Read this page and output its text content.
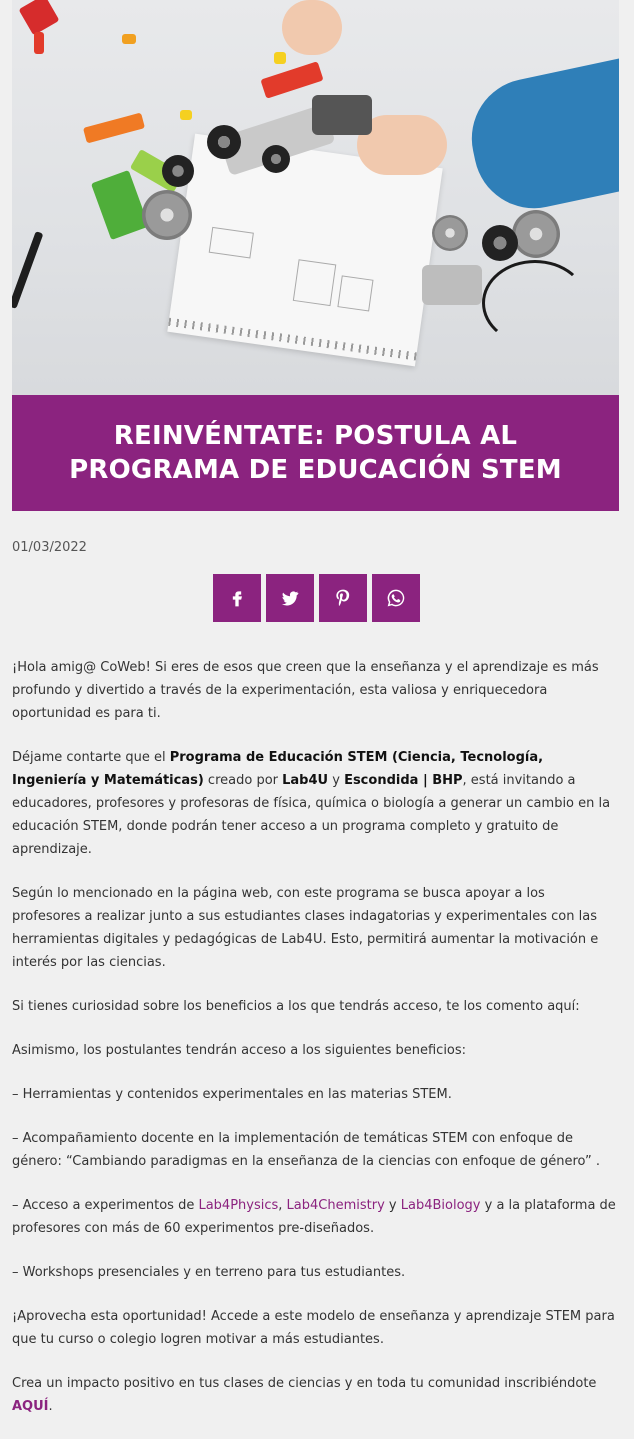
REINVÉNTATE: POSTULA AL PROGRAMA DE EDUCACIÓN STEM
01/03/2022

¡Hola amig@ CoWeb! Si eres de esos que creen que la enseñanza y el aprendizaje es más profundo y divertido a través de la experimentación, esta valiosa y enriquecedora oportunidad es para ti.

Déjame contarte que el Programa de Educación STEM (Ciencia, Tecnología, Ingeniería y Matemáticas) creado por Lab4U y Escondida | BHP, está invitando a educadores, profesores y profesoras de física, química o biología a generar un cambio en la educación STEM, donde podrán tener acceso a un programa completo y gratuito de aprendizaje.

Según lo mencionado en la página web, con este programa se busca apoyar a los profesores a realizar junto a sus estudiantes clases indagatorias y experimentales con las herramientas digitales y pedagógicas de Lab4U. Esto, permitirá aumentar la motivación e interés por las ciencias.

Si tienes curiosidad sobre los beneficios a los que tendrás acceso, te los comento aquí:

Asimismo, los postulantes tendrán acceso a los siguientes beneficios:

– Herramientas y contenidos experimentales en las materias STEM.

– Acompañamiento docente en la implementación de temáticas STEM con enfoque de género: “Cambiando paradigmas en la enseñanza de la ciencias con enfoque de género” .

– Acceso a experimentos de Lab4Physics, Lab4Chemistry y Lab4Biology y a la plataforma de profesores con más de 60 experimentos pre-diseñados.

– Workshops presenciales y en terreno para tus estudiantes.

¡Aprovecha esta oportunidad! Accede a este modelo de enseñanza y aprendizaje STEM para que tu curso o colegio logren motivar a más estudiantes.

Crea un impacto positivo en tus clases de ciencias y en toda tu comunidad inscribiéndote AQUÍ.
